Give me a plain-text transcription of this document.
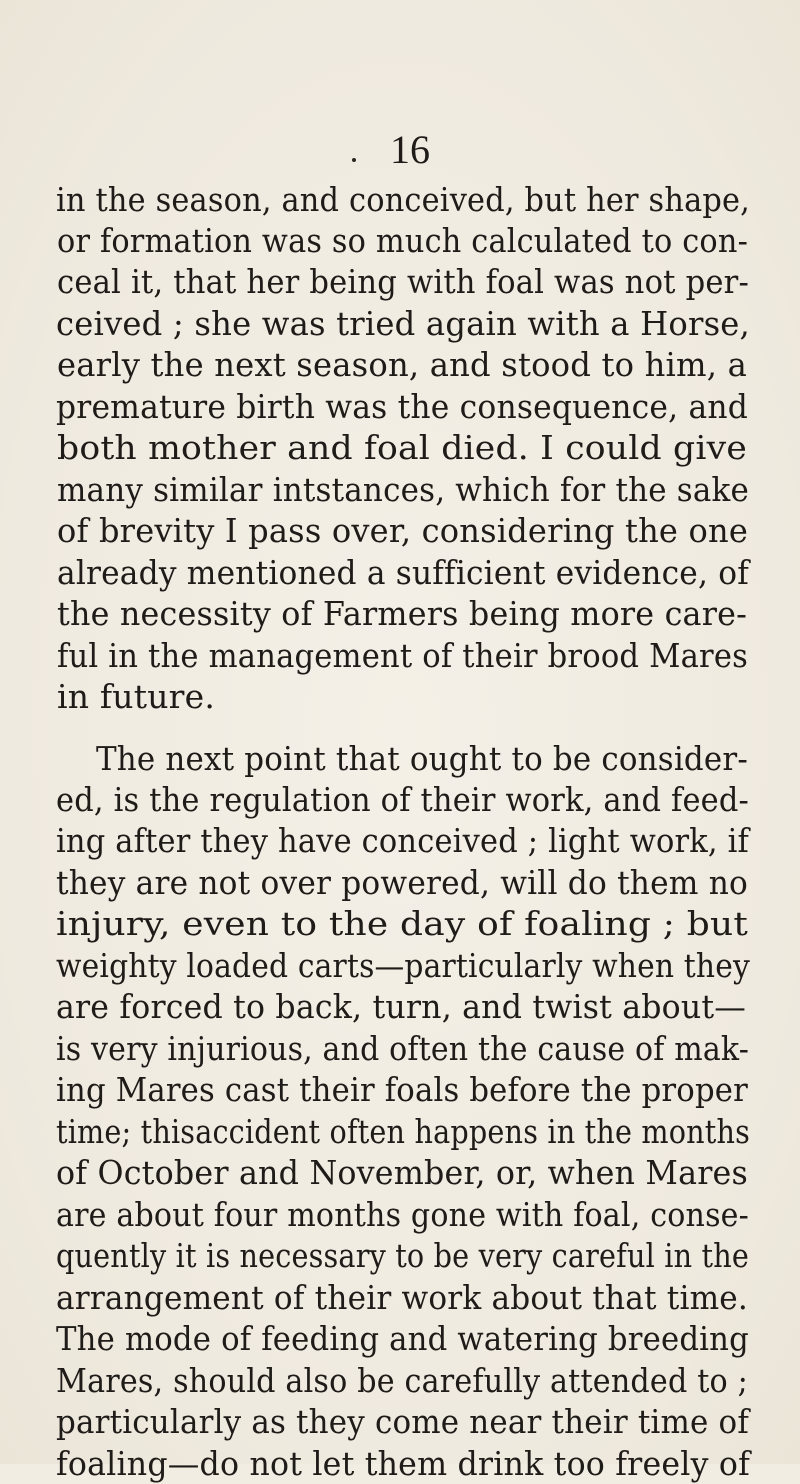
16
in the season, and conceived, but her shape,
or formation was so much calculated to con-
ceal it, that her being with foal was not per-
ceived ; she was tried again with a Horse,
early the next season, and stood to him, a
premature birth was the consequence, and
both mother and foal died. I could give
many similar intstances, which for the sake
of brevity I pass over, considering the one
already mentioned a sufficient evidence, of
the necessity of Farmers being more care-
ful in the management of their brood Mares
in future.
The next point that ought to be consider-
ed, is the regulation of their work, and feed-
ing after they have conceived ; light work, if
they are not over powered, will do them no
injury, even to the day of foaling ; but
weighty loaded carts—particularly when they
are forced to back, turn, and twist about—
is very injurious, and often the cause of mak-
ing Mares cast their foals before the proper
time; thisaccident often happens in the months
of October and November, or, when Mares
are about four months gone with foal, conse-
quently it is necessary to be very careful in the
arrangement of their work about that time.
The mode of feeding and watering breeding
Mares, should also be carefully attended to ;
particularly as they come near their time of
foaling—do not let them drink too freely of
